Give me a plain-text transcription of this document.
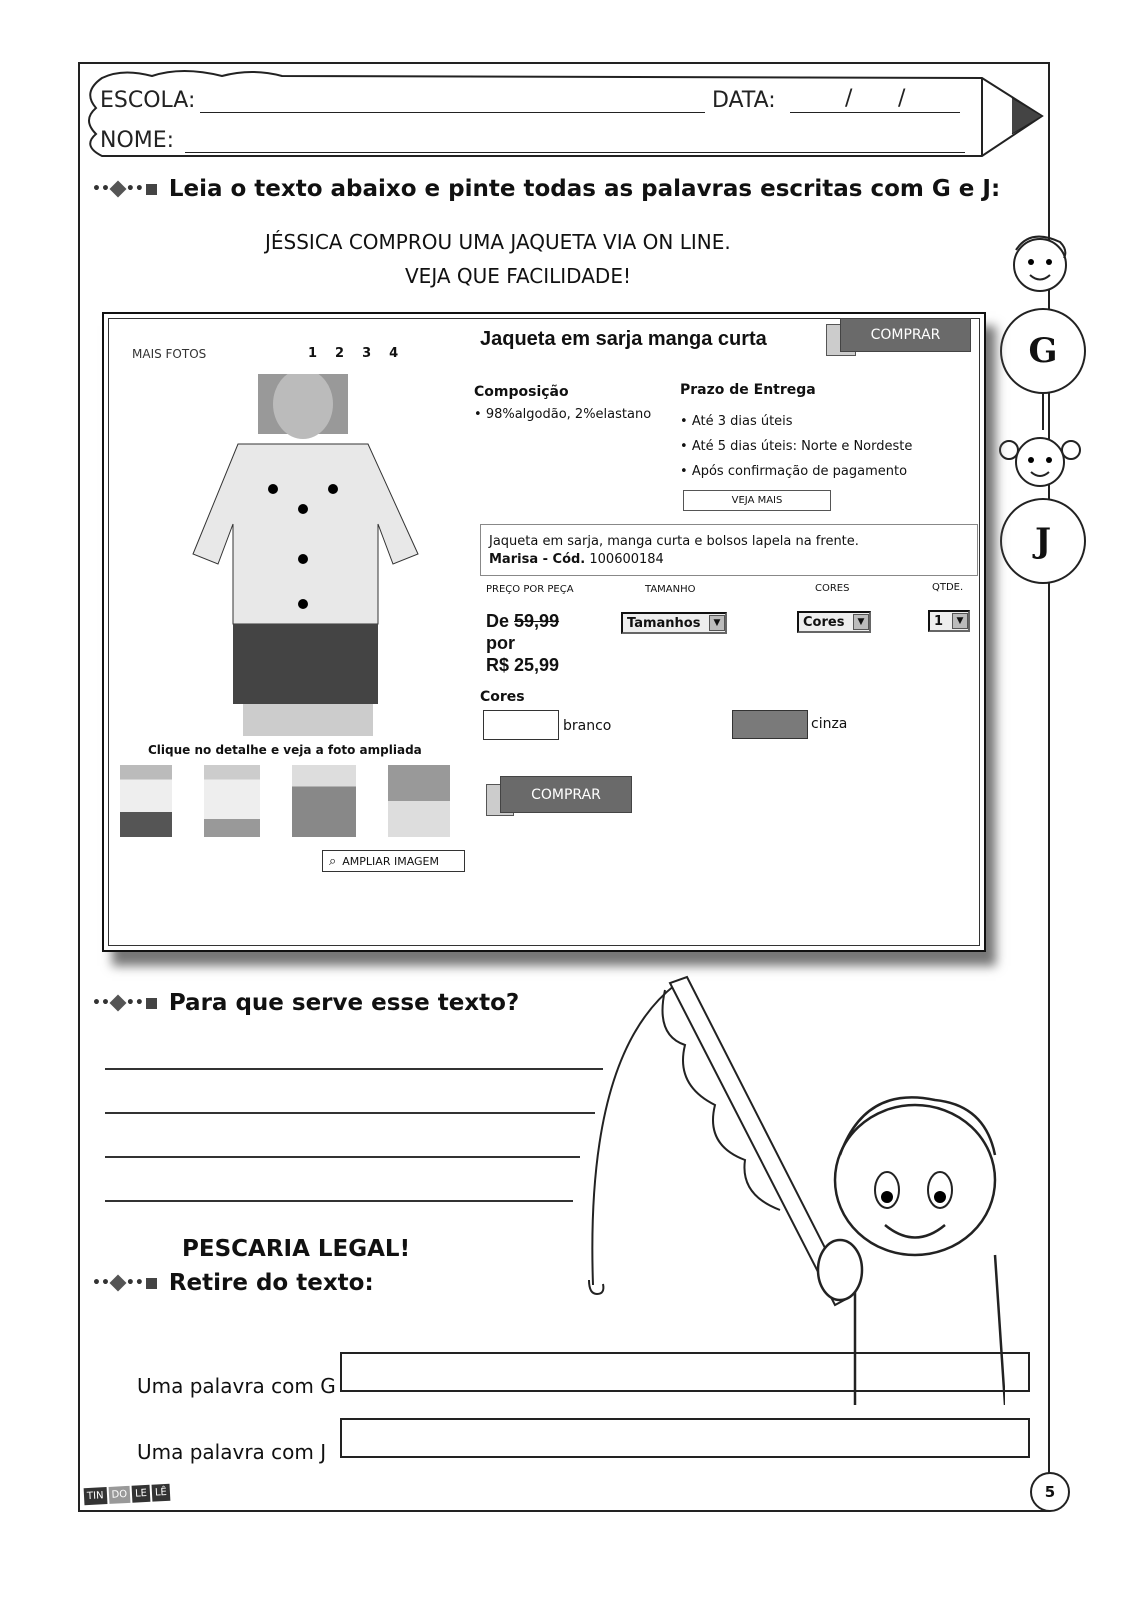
ESCOLA:	DATA:	/ /
NOME:
•• ••	Leia o texto abaixo e pinte todas as palavras escritas com G e J:
JÉSSICA COMPROU UMA JAQUETA VIA ON LINE.
VEJA QUE FACILIDADE!
G
J
MAIS FOTOS	1 2 3 4
Clique no detalhe e veja a foto ampliada
⌕ AMPLIAR IMAGEM
Jaqueta em sarja manga curta	COMPRAR
Composição
• 98%algodão, 2%elastano
Prazo de Entrega
• Até 3 dias úteis
• Até 5 dias úteis: Norte e Nordeste
• Após confirmação de pagamento
VEJA MAIS
Jaqueta em sarja, manga curta e bolsos lapela na frente.
Marisa - Cód. 100600184
PREÇO POR PEÇA	TAMANHO	CORES	QTDE.
De 59,99
por
R$ 25,99
Tamanhos	▼	Cores	▼	1	▼
Cores
branco	cinza
COMPRAR
•• ••	Para que serve esse texto?
PESCARIA LEGAL!
•• ••	Retire do texto:
Uma palavra com G
Uma palavra com J
TIN DO LE LÊ	5
